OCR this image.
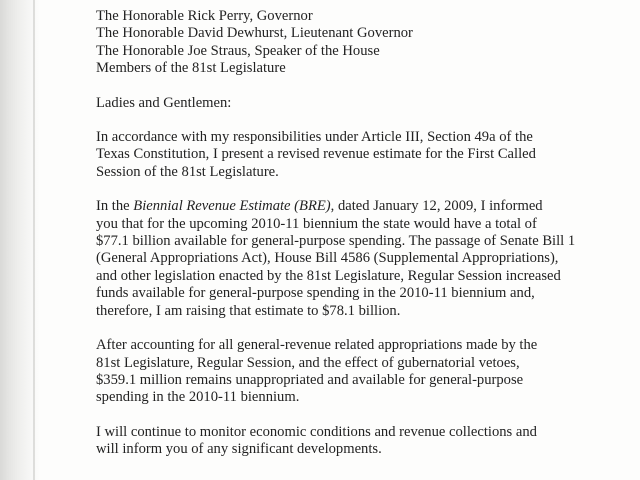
The Honorable Rick Perry, Governor
The Honorable David Dewhurst, Lieutenant Governor
The Honorable Joe Straus, Speaker of the House
Members of the 81st Legislature
Ladies and Gentlemen:
In accordance with my responsibilities under Article III, Section 49a of the
Texas Constitution, I present a revised revenue estimate for the First Called
Session of the 81st Legislature.
In the Biennial Revenue Estimate (BRE), dated January 12, 2009, I informed
you that for the upcoming 2010-11 biennium the state would have a total of
$77.1 billion available for general-purpose spending. The passage of Senate Bill 1
(General Appropriations Act), House Bill 4586 (Supplemental Appropriations),
and other legislation enacted by the 81st Legislature, Regular Session increased
funds available for general-purpose spending in the 2010-11 biennium and,
therefore, I am raising that estimate to $78.1 billion.
After accounting for all general-revenue related appropriations made by the
81st Legislature, Regular Session, and the effect of gubernatorial vetoes,
$359.1 million remains unappropriated and available for general-purpose
spending in the 2010-11 biennium.
I will continue to monitor economic conditions and revenue collections and
will inform you of any significant developments.
